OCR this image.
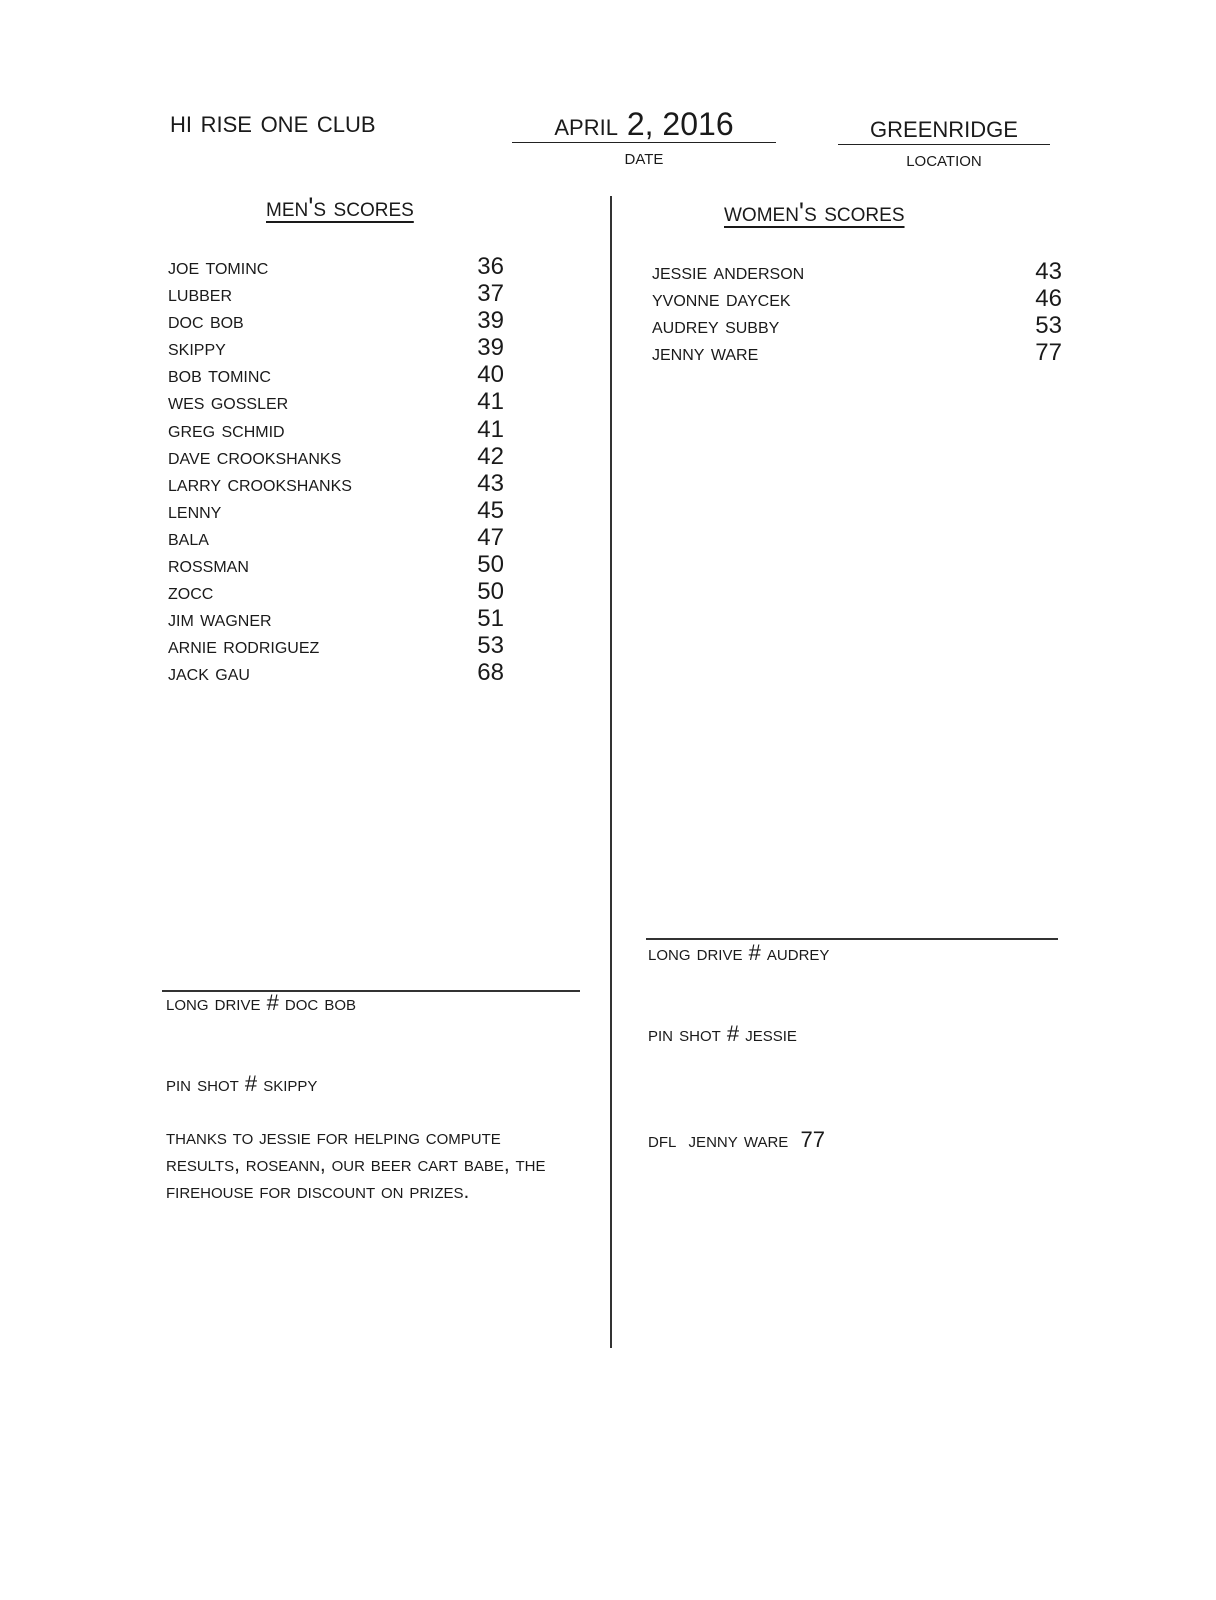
hi rise one club	april 2, 2016
date
greenridge
location
men's scores	women's scores
joe tominc	36
lubber	37
doc bob	39
skippy	39
bob tominc	40
wes gossler	41
greg schmid	41
dave crookshanks	42
larry crookshanks	43
lenny	45
bala	47
rossman	50
zocc	50
jim wagner	51
arnie rodriguez	53
jack gau	68
jessie anderson	43
yvonne daycek	46
audrey subby	53
jenny ware	77
long drive # doc bob
pin shot # skippy
thanks to jessie for helping compute results, roseann, our beer cart babe, the firehouse for discount on prizes.
long drive # audrey
pin shot # jessie
dfl  jenny ware  77
